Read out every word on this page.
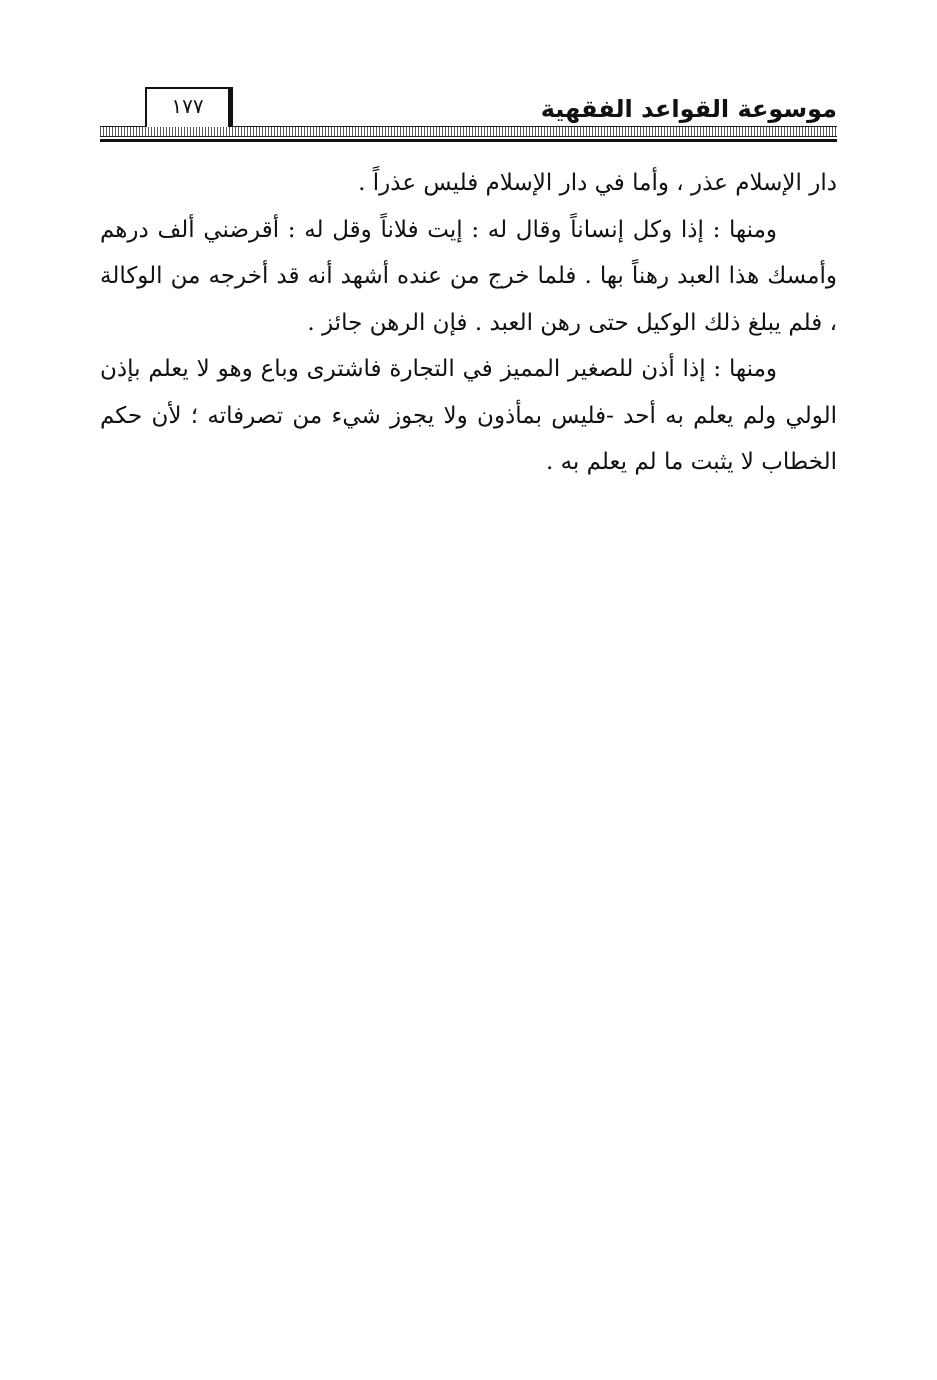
١٧٧	موسوعة القواعد الفقهية

دار الإسلام عذر ، وأما في دار الإسلام فليس عذراً .

ومنها : إذا وكل إنساناً وقال له : إيت فلاناً وقل له : أقرضني ألف درهم وأمسك هذا العبد رهناً بها . فلما خرج من عنده أشهد أنه قد أخرجه من الوكالة ، فلم يبلغ ذلك الوكيل حتى رهن العبد . فإن الرهن جائز .

ومنها : إذا أذن للصغير المميز في التجارة فاشترى وباع وهو لا يعلم بإذن الولي ولم يعلم به أحد -فليس بمأذون ولا يجوز شيء من تصرفاته ؛ لأن حكم الخطاب لا يثبت ما لم يعلم به .
